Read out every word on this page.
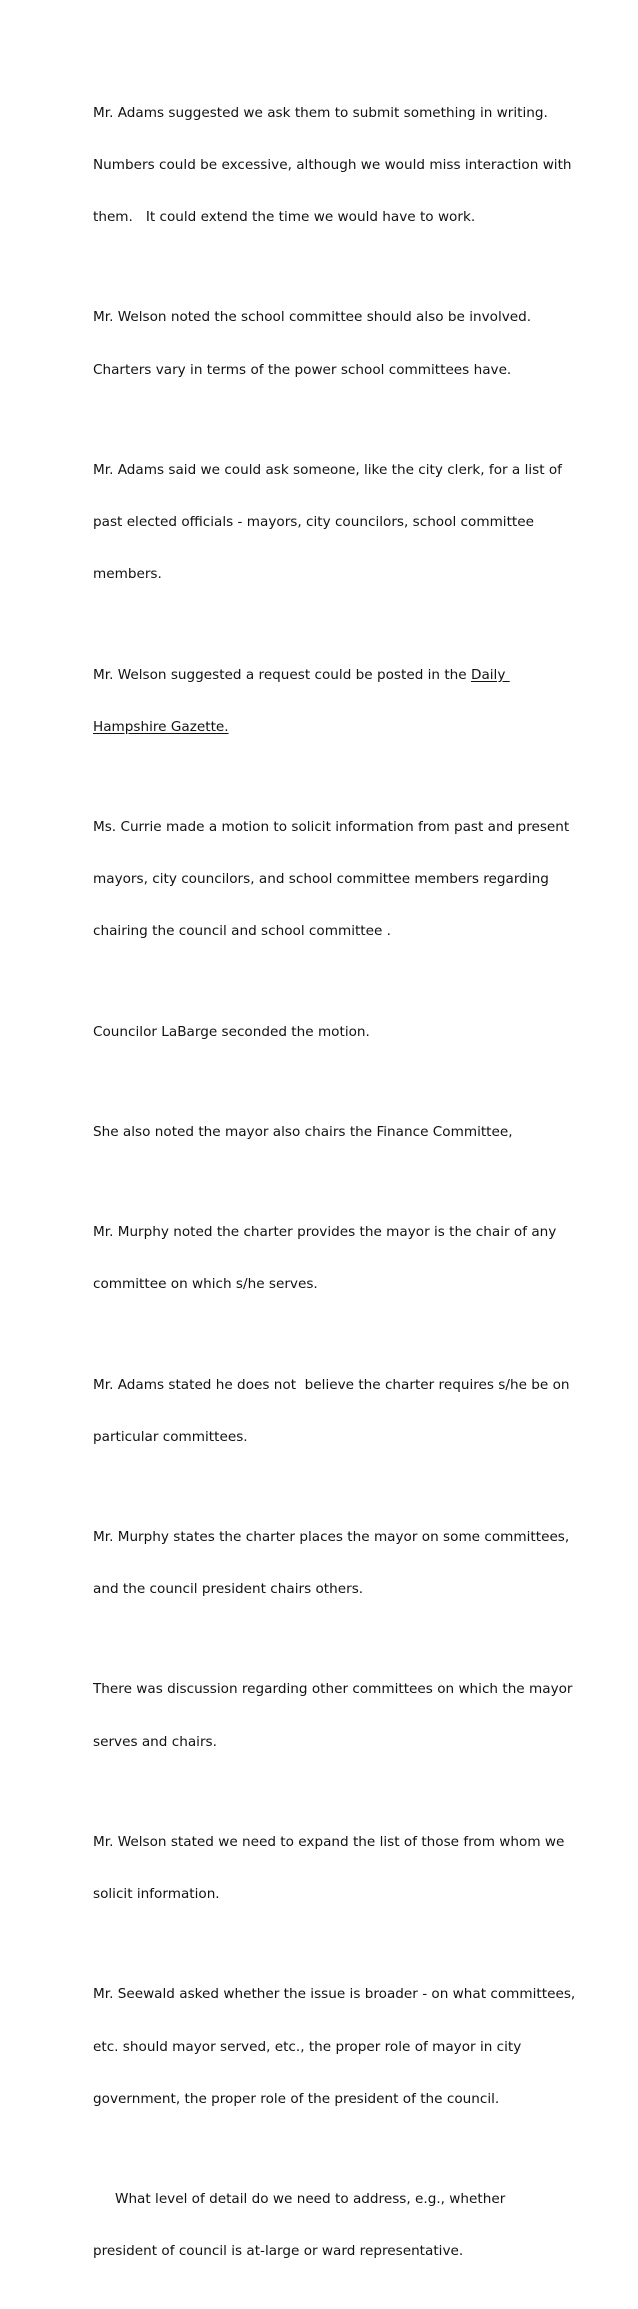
Mr. Adams suggested we ask them to submit something in writing.

Numbers could be excessive, although we would miss interaction with

them.   It could extend the time we would have to work.

Mr. Welson noted the school committee should also be involved.

Charters vary in terms of the power school committees have.

Mr. Adams said we could ask someone, like the city clerk, for a list of

past elected officials - mayors, city councilors, school committee

members.

Mr. Welson suggested a request could be posted in the Daily

Hampshire Gazette.

Ms. Currie made a motion to solicit information from past and present

mayors, city councilors, and school committee members regarding

chairing the council and school committee .

Councilor LaBarge seconded the motion.

She also noted the mayor also chairs the Finance Committee,

Mr. Murphy noted the charter provides the mayor is the chair of any

committee on which s/he serves.

Mr. Adams stated he does not  believe the charter requires s/he be on

particular committees.

Mr. Murphy states the charter places the mayor on some committees,

and the council president chairs others.

There was discussion regarding other committees on which the mayor

serves and chairs.

Mr. Welson stated we need to expand the list of those from whom we

solicit information.

Mr. Seewald asked whether the issue is broader - on what committees,

etc. should mayor served, etc., the proper role of mayor in city

government, the proper role of the president of the council.

What level of detail do we need to address, e.g., whether

president of council is at-large or ward representative.
